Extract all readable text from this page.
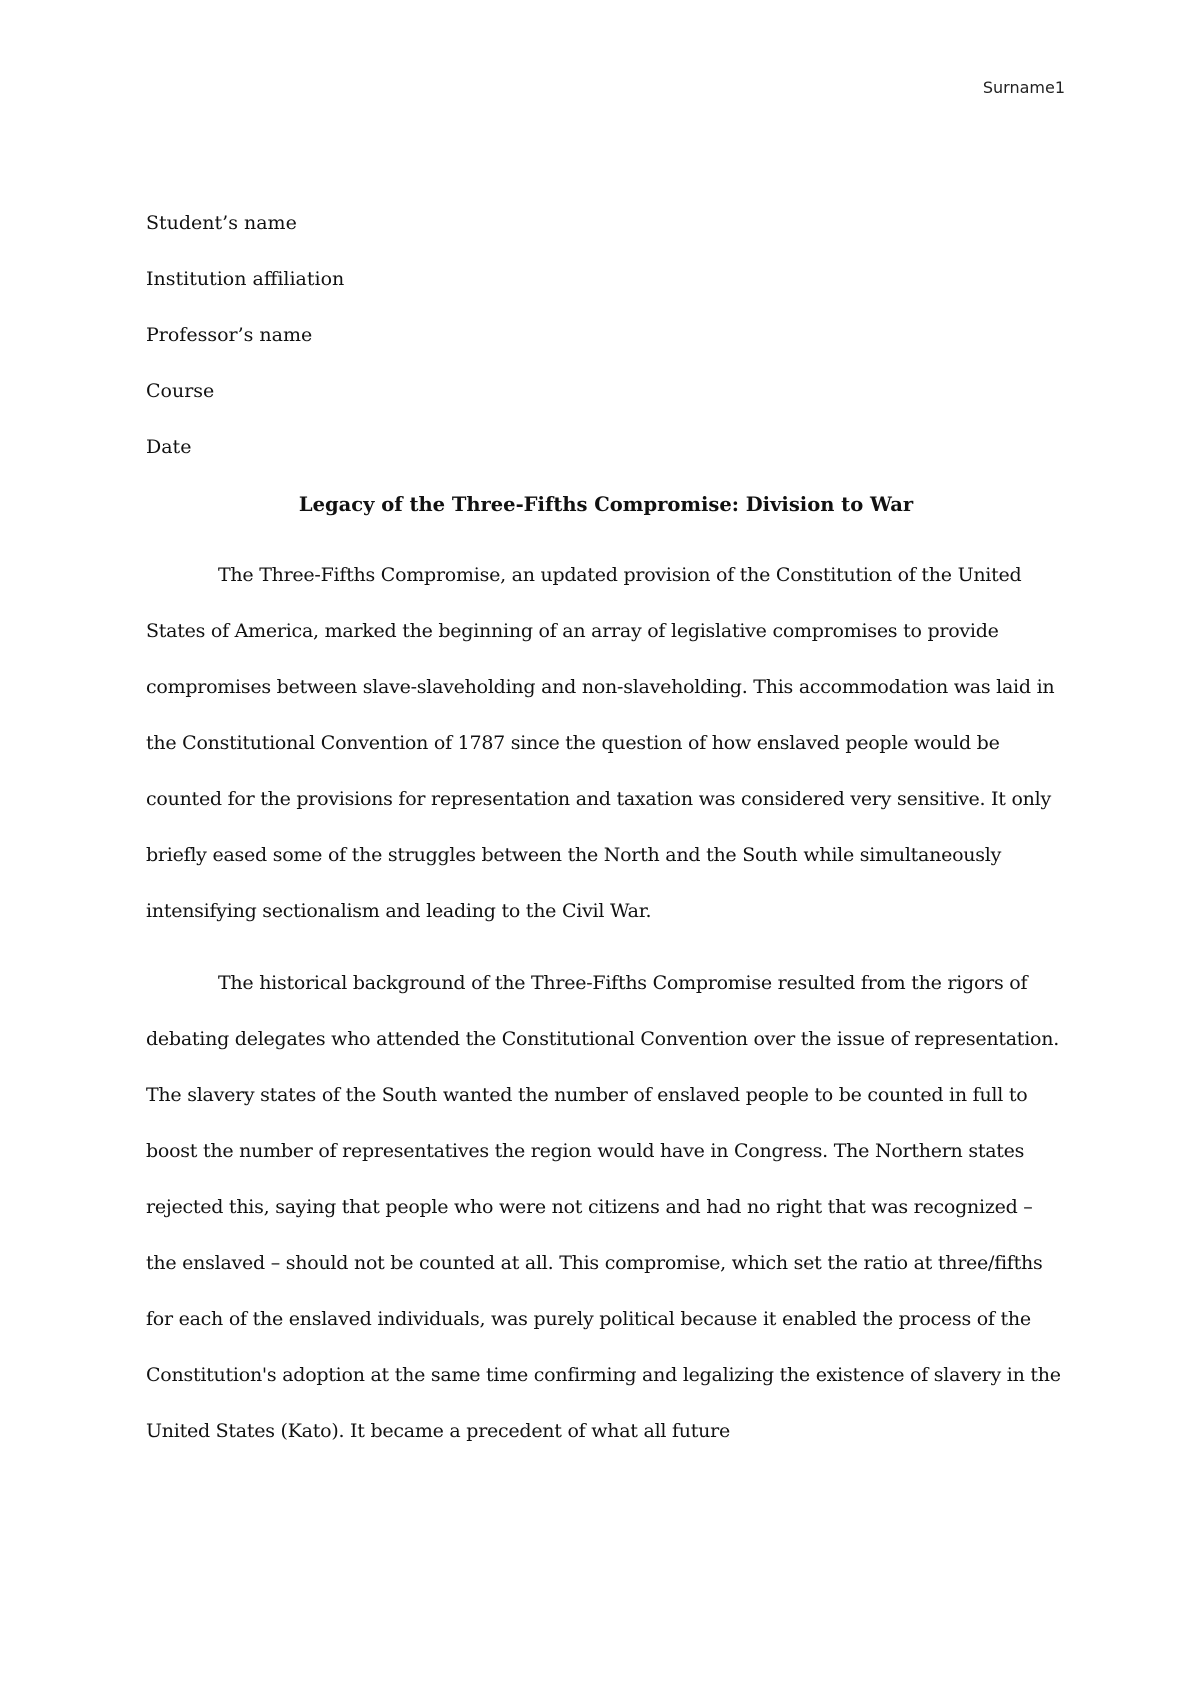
Surname1
Student’s name
Institution affiliation
Professor’s name
Course
Date
Legacy of the Three-Fifths Compromise: Division to War

The Three-Fifths Compromise, an updated provision of the Constitution of the United States of America, marked the beginning of an array of legislative compromises to provide compromises between slave-slaveholding and non-slaveholding. This accommodation was laid in the Constitutional Convention of 1787 since the question of how enslaved people would be counted for the provisions for representation and taxation was considered very sensitive. It only briefly eased some of the struggles between the North and the South while simultaneously intensifying sectionalism and leading to the Civil War.

The historical background of the Three-Fifths Compromise resulted from the rigors of debating delegates who attended the Constitutional Convention over the issue of representation. The slavery states of the South wanted the number of enslaved people to be counted in full to boost the number of representatives the region would have in Congress. The Northern states rejected this, saying that people who were not citizens and had no right that was recognized – the enslaved – should not be counted at all. This compromise, which set the ratio at three/fifths for each of the enslaved individuals, was purely political because it enabled the process of the Constitution's adoption at the same time confirming and legalizing the existence of slavery in the United States (Kato). It became a precedent of what all future
